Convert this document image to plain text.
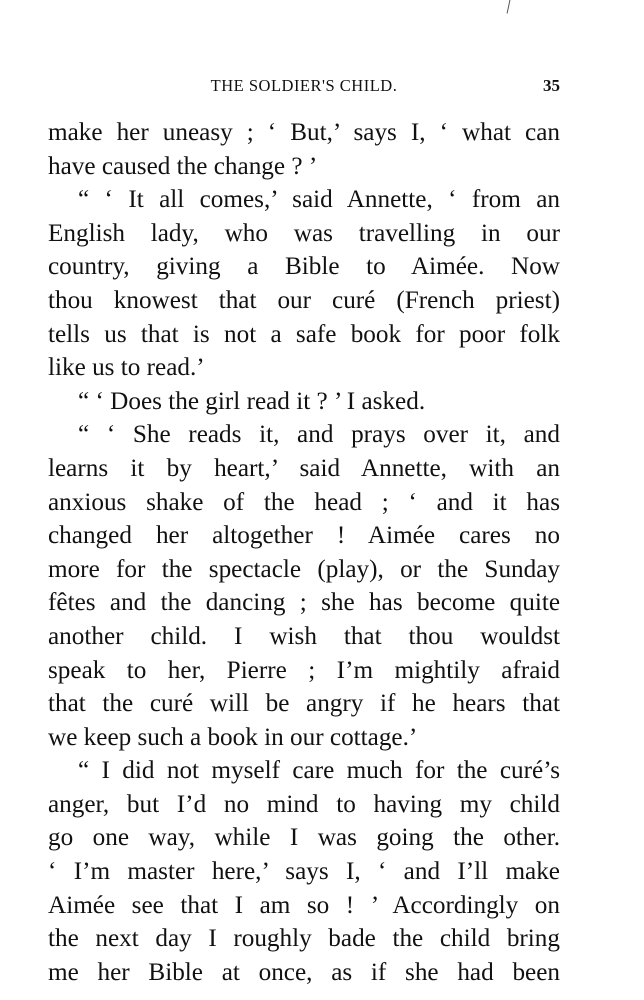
THE SOLDIER'S CHILD.	35
make her uneasy ; ‘ But,’ says I, ‘ what can
have caused the change ? ’
“ ‘ It all comes,’ said Annette, ‘ from an
English lady, who was travelling in our
country, giving a Bible to Aimée. Now
thou knowest that our curé (French priest)
tells us that is not a safe book for poor folk
like us to read.’
“ ‘ Does the girl read it ? ’ I asked.
“ ‘ She reads it, and prays over it, and
learns it by heart,’ said Annette, with an
anxious shake of the head ; ‘ and it has
changed her altogether ! Aimée cares no
more for the spectacle (play), or the Sunday
fêtes and the dancing ; she has become quite
another child. I wish that thou wouldst
speak to her, Pierre ; I’m mightily afraid
that the curé will be angry if he hears that
we keep such a book in our cottage.’
“ I did not myself care much for the curé’s
anger, but I’d no mind to having my child
go one way, while I was going the other.
‘ I’m master here,’ says I, ‘ and I’ll make
Aimée see that I am so ! ’ Accordingly on
the next day I roughly bade the child bring
me her Bible at once, as if she had been
